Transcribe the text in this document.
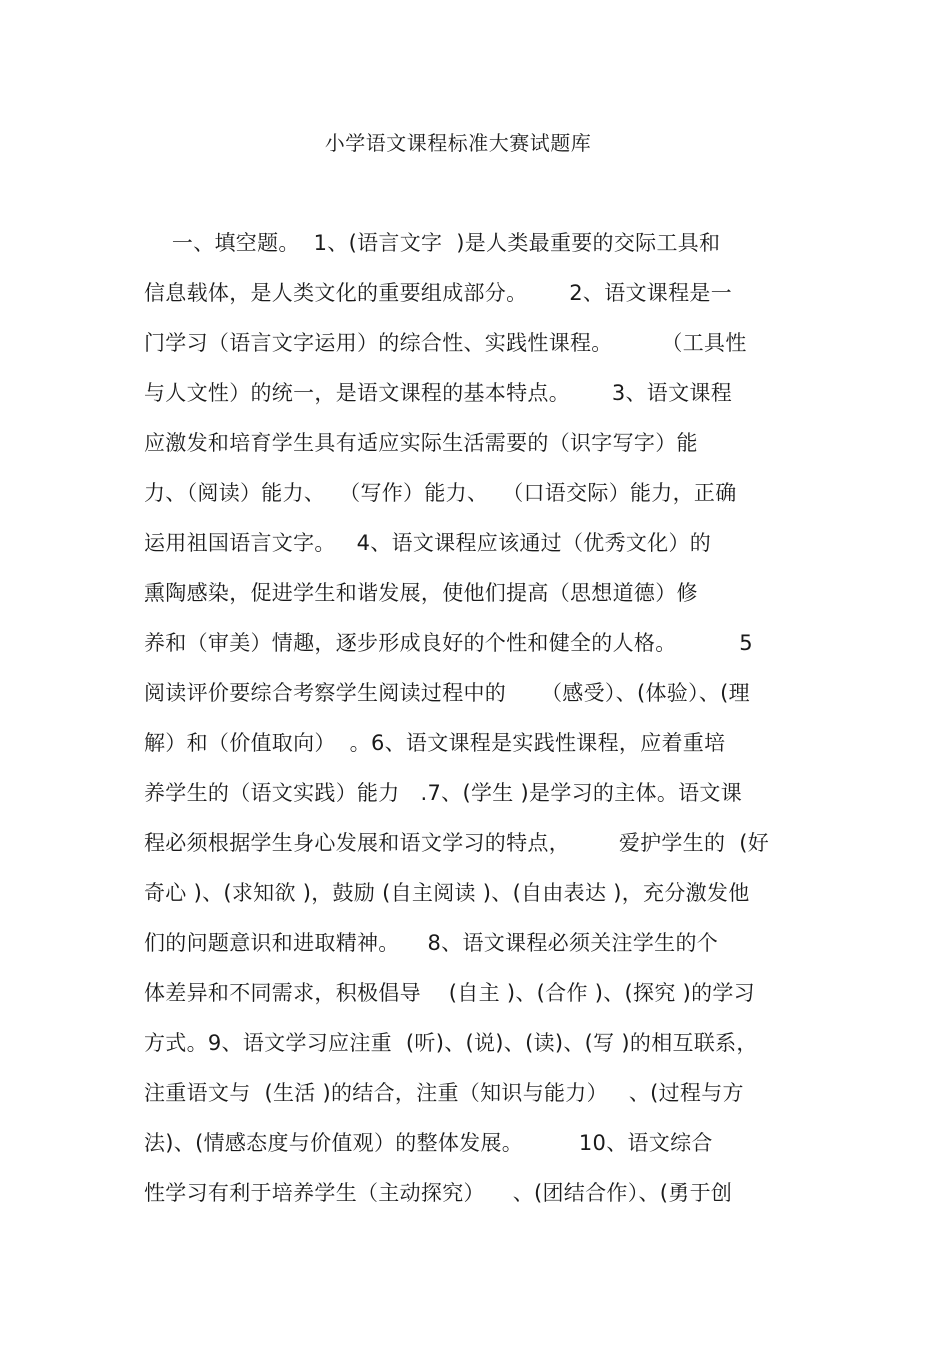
小学语文课程标准大赛试题库
一、填空题。  1、(语言文字  )是人类最重要的交际工具和
信息载体，是人类文化的重要组成部分。      2、语文课程是一
门学习（语言文字运用）的综合性、实践性课程。       （工具性
与人文性）的统一，是语文课程的基本特点。      3、语文课程
应激发和培育学生具有适应实际生活需要的（识字写字）能
力、（阅读）能力、  （写作）能力、  （口语交际）能力，正确
运用祖国语言文字。   4、语文课程应该通过（优秀文化）的
熏陶感染，促进学生和谐发展，使他们提高（思想道德）修
养和（审美）情趣，逐步形成良好的个性和健全的人格。         5
阅读评价要综合考察学生阅读过程中的     （感受）、(体验）、(理
解）和（价值取向）  。6、语文课程是实践性课程，应着重培
养学生的（语文实践）能力   .7、(学生 )是学习的主体。语文课
程必须根据学生身心发展和语文学习的特点，       爱护学生的  (好
奇心 )、(求知欲 )，鼓励 (自主阅读 )、(自由表达 )，充分激发他
们的问题意识和进取精神。    8、语文课程必须关注学生的个
体差异和不同需求，积极倡导    (自主 )、(合作 )、(探究 )的学习
方式。9、语文学习应注重  (听)、(说)、(读)、(写 )的相互联系，
注重语文与  (生活 )的结合，注重（知识与能力）   、(过程与方
法)、(情感态度与价值观）的整体发展。        10、语文综合
性学习有利于培养学生（主动探究）    、(团结合作）、(勇于创
